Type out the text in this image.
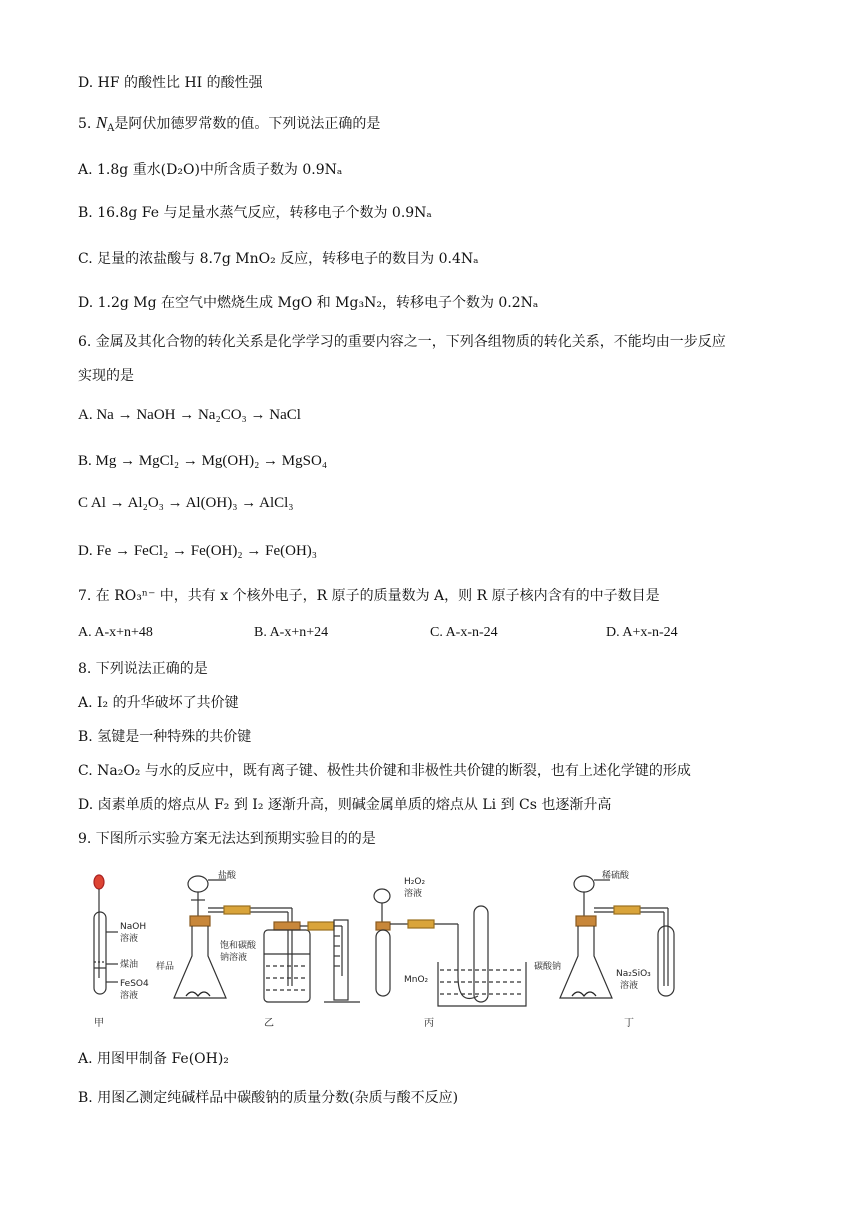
D. HF 的酸性比 HI 的酸性强
5. $N_A$是阿伏加德罗常数的值。下列说法正确的是
A. 1.8g 重水(D₂O)中所含质子数为 0.9Nₐ
B. 16.8g Fe 与足量水蒸气反应，转移电子个数为 0.9Nₐ
C. 足量的浓盐酸与 8.7g MnO₂ 反应，转移电子的数目为 0.4Nₐ
D. 1.2g Mg 在空气中燃烧生成 MgO 和 Mg₃N₂，转移电子个数为 0.2Nₐ
6. 金属及其化合物的转化关系是化学学习的重要内容之一，下列各组物质的转化关系，不能均由一步反应
实现的是
A. Na → NaOH → Na₂CO₃ → NaCl
B. Mg → MgCl₂ → Mg(OH)₂ → MgSO₄
C Al → Al₂O₃ → Al(OH)₃ → AlCl₃
D. Fe → FeCl₂ → Fe(OH)₂ → Fe(OH)₃
7. 在 RO₃ⁿ⁻ 中，共有 x 个核外电子，R 原子的质量数为 A，则 R 原子核内含有的中子数目是
A. A-x+n+48	B. A-x+n+24	C. A-x-n-24	D. A+x-n-24
8. 下列说法正确的是
A. I₂ 的升华破坏了共价键
B. 氢键是一种特殊的共价键
C. Na₂O₂ 与水的反应中，既有离子键、极性共价键和非极性共价键的断裂，也有上述化学键的形成
D. 卤素单质的熔点从 F₂ 到 I₂ 逐渐升高，则碱金属单质的熔点从 Li 到 Cs 也逐渐升高
9. 下图所示实验方案无法达到预期实验目的的是
NaOH
溶液
煤油
FeSO4
溶液
甲
盐酸
样品
饱和碳酸
钠溶液
乙
H₂O₂
溶液
MnO₂
丙
稀硫酸
碳酸钠
Na₂SiO₃
溶液
丁
A. 用图甲制备 Fe(OH)₂
B. 用图乙测定纯碱样品中碳酸钠的质量分数(杂质与酸不反应)
